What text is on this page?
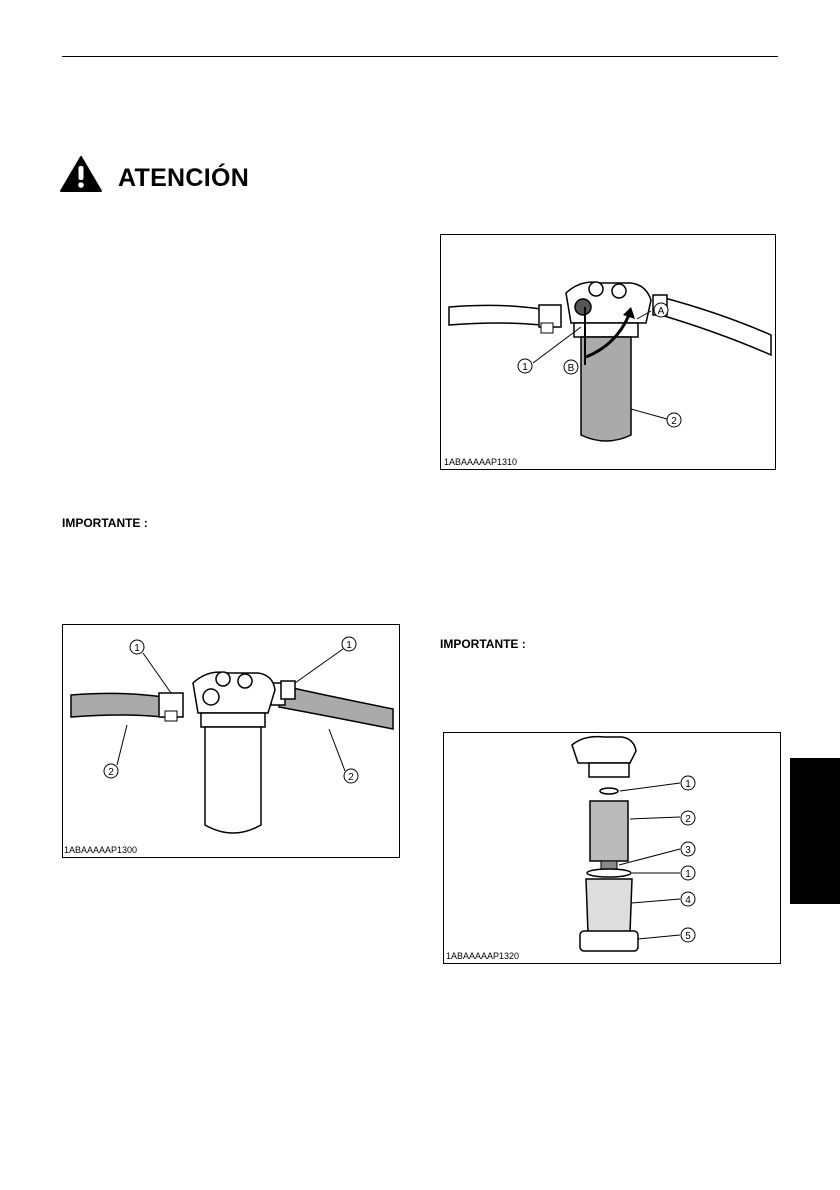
ATENCIÓN
1
2
A
B
1ABAAAAAP1310
IMPORTANTE :
1	1
2	2
1ABAAAAAP1300
IMPORTANTE :
1
2
3
1
4
5
1ABAAAAAP1320
